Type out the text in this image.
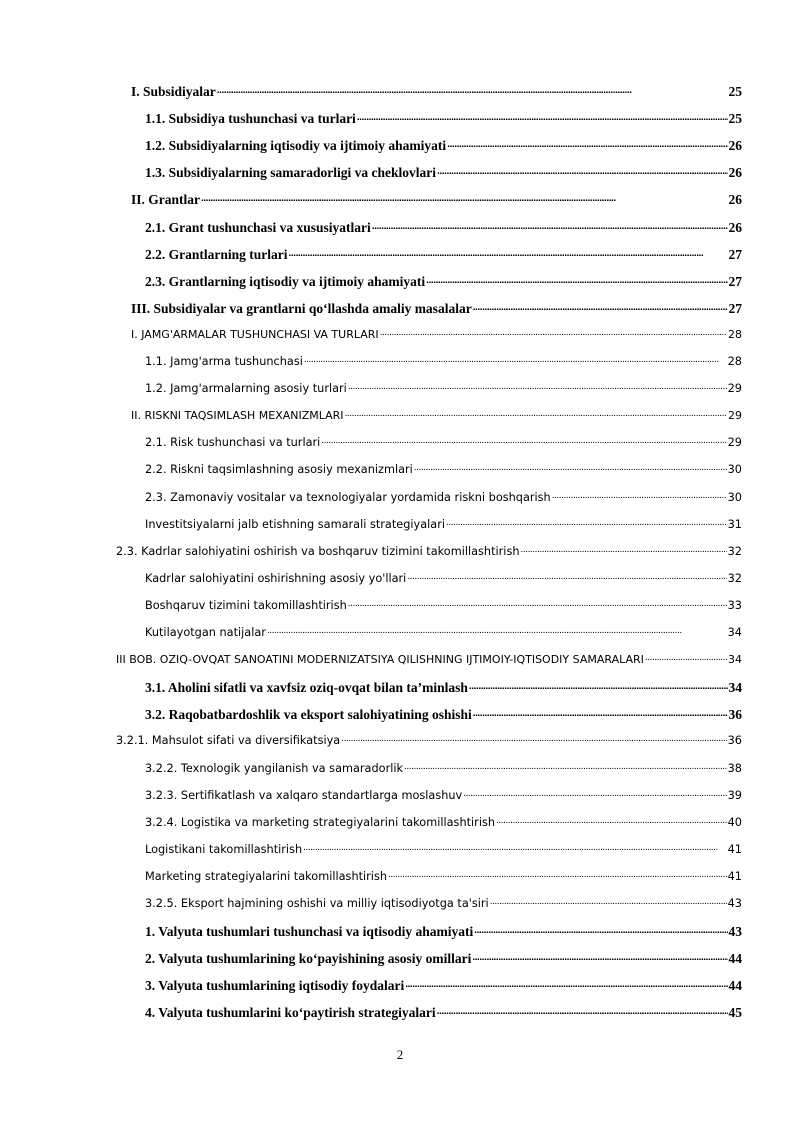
I. Subsidiyalar . . .	25
1.1. Subsidiya tushunchasi va turlari . . .	25
1.2. Subsidiyalarning iqtisodiy va ijtimoiy ahamiyati . . .	26
1.3. Subsidiyalarning samaradorligi va cheklovlari . . .	26
II. Grantlar . . .	26
2.1. Grant tushunchasi va xususiyatlari . . .	26
2.2. Grantlarning turlari . . .	27
2.3. Grantlarning iqtisodiy va ijtimoiy ahamiyati . . .	27
III. Subsidiyalar va grantlarni qo‘llashda amaliy masalalar . . .	27
I. JAMG'ARMALAR TUSHUNCHASI VA TURLARI . . .	28
1.1. Jamg'arma tushunchasi . . .	28
1.2. Jamg'armalarning asosiy turlari . . .	29
II. RISKNI TAQSIMLASH MEXANIZMLARI . . .	29
2.1. Risk tushunchasi va turlari . . .	29
2.2. Riskni taqsimlashning asosiy mexanizmlari . . .	30
2.3. Zamonaviy vositalar va texnologiyalar yordamida riskni boshqarish . . .	30
Investitsiyalarni jalb etishning samarali strategiyalari . . .	31
2.3. Kadrlar salohiyatini oshirish va boshqaruv tizimini takomillashtirish . . .	32
Kadrlar salohiyatini oshirishning asosiy yo'llari . . .	32
Boshqaruv tizimini takomillashtirish . . .	33
Kutilayotgan natijalar . . .	34
III BOB. OZIQ-OVQAT SANOATINI MODERNIZATSIYA QILISHNING IJTIMOIY-IQTISODIY SAMARALARI . . .	34
3.1. Aholini sifatli va xavfsiz oziq-ovqat bilan ta’minlash . . .	34
3.2. Raqobatbardoshlik va eksport salohiyatining oshishi . . .	36
3.2.1. Mahsulot sifati va diversifikatsiya . . .	36
3.2.2. Texnologik yangilanish va samaradorlik . . .	38
3.2.3. Sertifikatlash va xalqaro standartlarga moslashuv . . .	39
3.2.4. Logistika va marketing strategiyalarini takomillashtirish . . .	40
Logistikani takomillashtirish . . .	41
Marketing strategiyalarini takomillashtirish . . .	41
3.2.5. Eksport hajmining oshishi va milliy iqtisodiyotga ta'siri . . .	43
1. Valyuta tushumlari tushunchasi va iqtisodiy ahamiyati . . .	43
2. Valyuta tushumlarining ko‘payishining asosiy omillari . . .	44
3. Valyuta tushumlarining iqtisodiy foydalari . . .	44
4. Valyuta tushumlarini ko‘paytirish strategiyalari . . .	45
2
